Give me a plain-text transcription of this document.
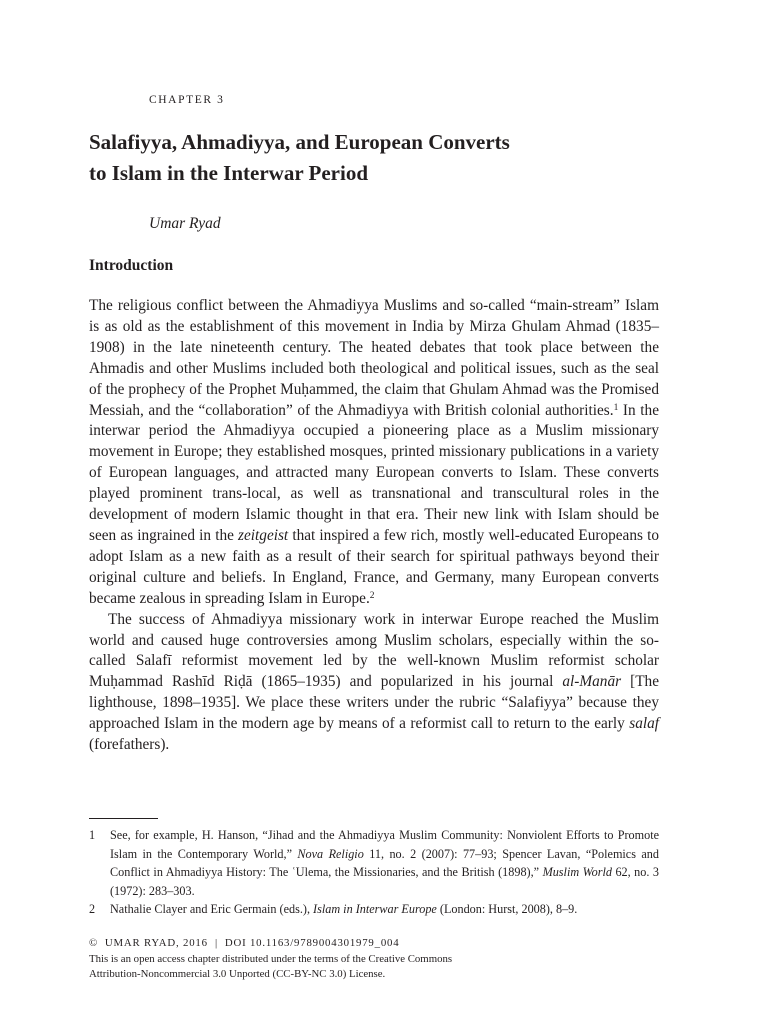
CHAPTER 3
Salafiyya, Ahmadiyya, and European Converts
to Islam in the Interwar Period
Umar Ryad
Introduction

The religious conflict between the Ahmadiyya Muslims and so-called “main-stream” Islam is as old as the establishment of this movement in India by Mirza Ghulam Ahmad (1835–1908) in the late nineteenth century. The heated debates that took place between the Ahmadis and other Muslims included both theological and political issues, such as the seal of the prophecy of the Prophet Muḥammed, the claim that Ghulam Ahmad was the Promised Messiah, and the “collaboration” of the Ahmadiyya with British colonial authorities.$^1$ In the interwar period the Ahmadiyya occupied a pioneering place as a Muslim missionary movement in Europe; they established mosques, printed missionary publications in a variety of European languages, and attracted many European converts to Islam. These converts played prominent trans-local, as well as transnational and transcultural roles in the development of modern Islamic thought in that era. Their new link with Islam should be seen as ingrained in the zeitgeist that inspired a few rich, mostly well-educated Europeans to adopt Islam as a new faith as a result of their search for spiritual pathways beyond their original culture and beliefs. In England, France, and Germany, many European converts became zealous in spreading Islam in Europe.$^2$

The success of Ahmadiyya missionary work in interwar Europe reached the Muslim world and caused huge controversies among Muslim scholars, especially within the so-called Salafī reformist movement led by the well-known Muslim reformist scholar Muḥammad Rashīd Riḍā (1865–1935) and popularized in his journal al-Manār [The lighthouse, 1898–1935]. We place these writers under the rubric “Salafiyya” because they approached Islam in the modern age by means of a reformist call to return to the early salaf (forefathers).

1 See, for example, H. Hanson, “Jihad and the Ahmadiyya Muslim Community: Nonviolent Efforts to Promote Islam in the Contemporary World,” Nova Religio 11, no. 2 (2007): 77–93; Spencer Lavan, “Polemics and Conflict in Ahmadiyya History: The ʿUlema, the Missionaries, and the British (1898),” Muslim World 62, no. 3 (1972): 283–303.
2 Nathalie Clayer and Eric Germain (eds.), Islam in Interwar Europe (London: Hurst, 2008), 8–9.
© UMAR RYAD, 2016 | DOI 10.1163/9789004301979_004
This is an open access chapter distributed under the terms of the Creative Commons
Attribution-Noncommercial 3.0 Unported (CC-BY-NC 3.0) License.
